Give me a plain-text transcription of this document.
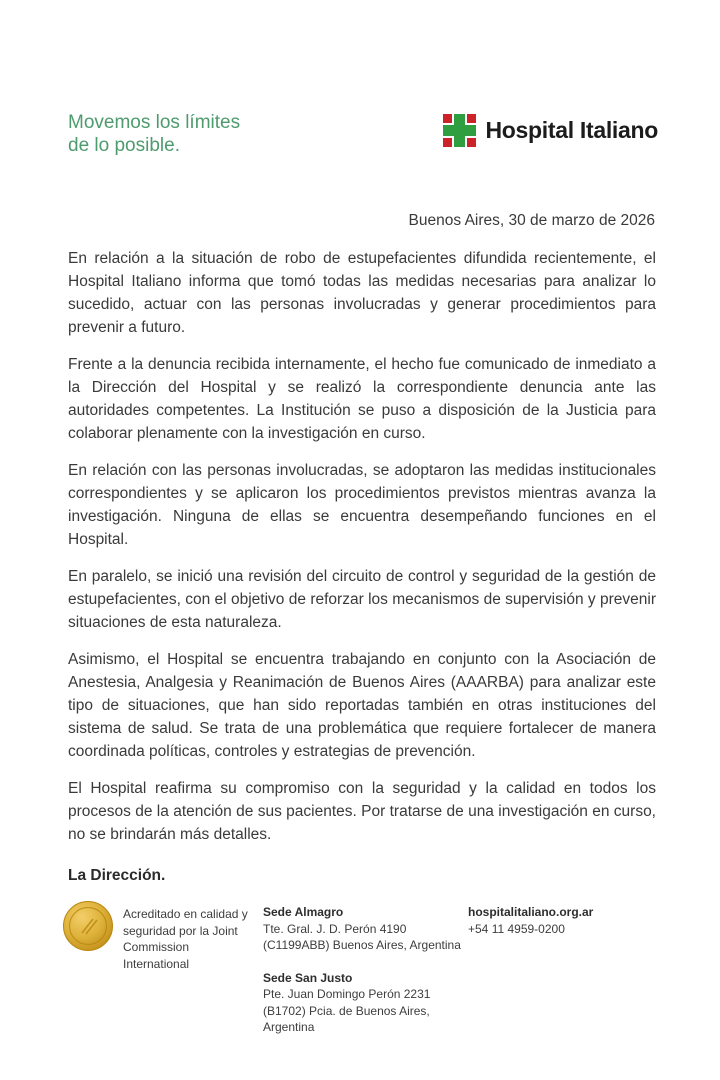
Movemos los límites
de lo posible.
Hospital Italiano
Buenos Aires, 30 de marzo de 2026

En relación a la situación de robo de estupefacientes difundida recientemente, el Hospital Italiano informa que tomó todas las medidas necesarias para analizar lo sucedido, actuar con las personas involucradas y generar procedimientos para prevenir a futuro.

Frente a la denuncia recibida internamente, el hecho fue comunicado de inmediato a la Dirección del Hospital y se realizó la correspondiente denuncia ante las autoridades competentes. La Institución se puso a disposición de la Justicia para colaborar plenamente con la investigación en curso.

En relación con las personas involucradas, se adoptaron las medidas institucionales correspondientes y se aplicaron los procedimientos previstos mientras avanza la investigación. Ninguna de ellas se encuentra desempeñando funciones en el Hospital.

En paralelo, se inició una revisión del circuito de control y seguridad de la gestión de estupefacientes, con el objetivo de reforzar los mecanismos de supervisión y prevenir situaciones de esta naturaleza.

Asimismo, el Hospital se encuentra trabajando en conjunto con la Asociación de Anestesia, Analgesia y Reanimación de Buenos Aires (AAARBA) para analizar este tipo de situaciones, que han sido reportadas también en otras instituciones del sistema de salud. Se trata de una problemática que requiere fortalecer de manera coordinada políticas, controles y estrategias de prevención.

El Hospital reafirma su compromiso con la seguridad y la calidad en todos los procesos de la atención de sus pacientes. Por tratarse de una investigación en curso, no se brindarán más detalles.

La Dirección.
Acreditado en calidad y seguridad por la Joint Commission International
Sede Almagro
Tte. Gral. J. D. Perón 4190
(C1199ABB) Buenos Aires, Argentina
Sede San Justo
Pte. Juan Domingo Perón 2231
(B1702) Pcia. de Buenos Aires, Argentina
hospitalitaliano.org.ar
+54 11 4959-0200
